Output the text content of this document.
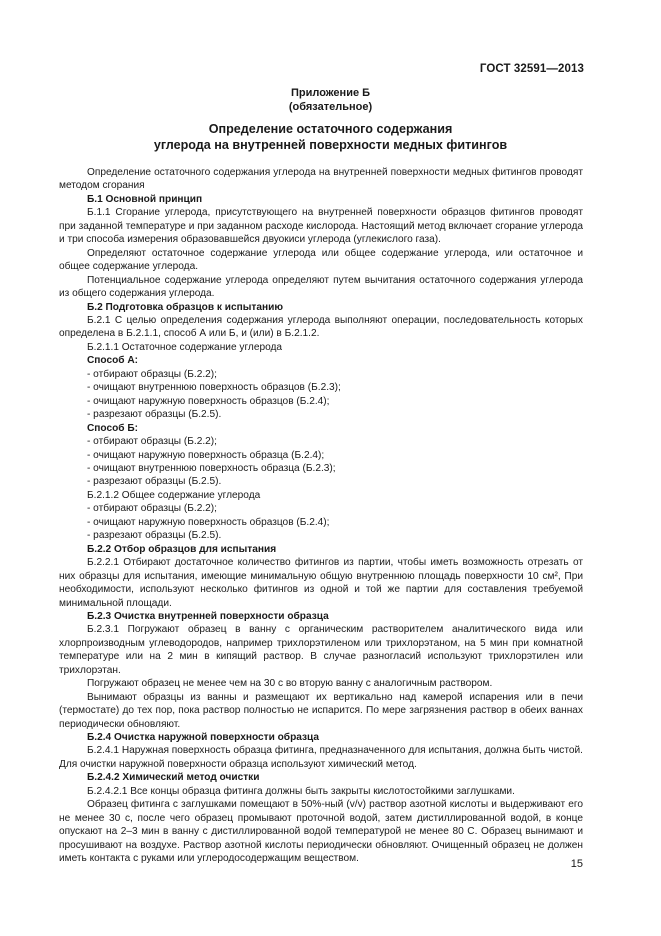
ГОСТ 32591—2013
Приложение Б
(обязательное)
Определение остаточного содержания
углерода на внутренней поверхности медных фитингов

Определение остаточного содержания углерода на внутренней поверхности медных фитингов проводят методом сгорания

Б.1 Основной принцип

Б.1.1 Сгорание углерода, присутствующего на внутренней поверхности образцов фитингов проводят при заданной температуре и при заданном расходе кислорода. Настоящий метод включает сгорание углерода и три способа измерения образовавшейся двуокиси углерода (углекислого газа).

Определяют остаточное содержание углерода или общее содержание углерода, или остаточное и общее содержание углерода.

Потенциальное содержание углерода определяют путем вычитания остаточного содержания углерода из общего содержания углерода.

Б.2 Подготовка образцов к испытанию

Б.2.1 С целью определения содержания углерода выполняют операции, последовательность которых определена в Б.2.1.1, способ А или Б, и (или) в Б.2.1.2.

Б.2.1.1 Остаточное содержание углерода

Способ А:

- отбирают образцы (Б.2.2);

- очищают внутреннюю поверхность образцов (Б.2.3);

- очищают наружную поверхность образцов (Б.2.4);

- разрезают образцы (Б.2.5).

Способ Б:

- отбирают образцы (Б.2.2);

- очищают наружную поверхность образца (Б.2.4);

- очищают внутреннюю поверхность образца (Б.2.3);

- разрезают образцы (Б.2.5).

Б.2.1.2 Общее содержание углерода

- отбирают образцы (Б.2.2);

- очищают наружную поверхность образцов (Б.2.4);

- разрезают образцы (Б.2.5).

Б.2.2 Отбор образцов для испытания

Б.2.2.1 Отбирают достаточное количество фитингов из партии, чтобы иметь возможность отрезать от них образцы для испытания, имеющие минимальную общую внутреннюю площадь поверхности 10 см², При необходимости, используют несколько фитингов из одной и той же партии для составления требуемой минимальной площади.

Б.2.3 Очистка внутренней поверхности образца

Б.2.3.1 Погружают образец в ванну с органическим растворителем аналитического вида или хлорпроизводным углеводородов, например трихлорэтиленом или трихлорэтаном, на 5 мин при комнатной температуре или на 2 мин в кипящий раствор. В случае разногласий используют трихлорэтилен или трихлорэтан.

Погружают образец не менее чем на 30 с во вторую ванну с аналогичным раствором.

Вынимают образцы из ванны и размещают их вертикально над камерой испарения или в печи (термостате) до тех пор, пока раствор полностью не испарится. По мере загрязнения раствор в обеих ваннах периодически обновляют.

Б.2.4 Очистка наружной поверхности образца

Б.2.4.1 Наружная поверхность образца фитинга, предназначенного для испытания, должна быть чистой. Для очистки наружной поверхности образца используют химический метод.

Б.2.4.2 Химический метод очистки

Б.2.4.2.1 Все концы образца фитинга должны быть закрыты кислотостойкими заглушками.

Образец фитинга с заглушками помещают в 50%-ный (v/v) раствор азотной кислоты и выдерживают его не менее 30 с, после чего образец промывают проточной водой, затем дистиллированной водой, в конце опускают на 2–3 мин в ванну с дистиллированной водой температурой не менее 80 С. Образец вынимают и просушивают на воздухе. Раствор азотной кислоты периодически обновляют. Очищенный образец не должен иметь контакта с руками или углеродосодержащим веществом.	15
